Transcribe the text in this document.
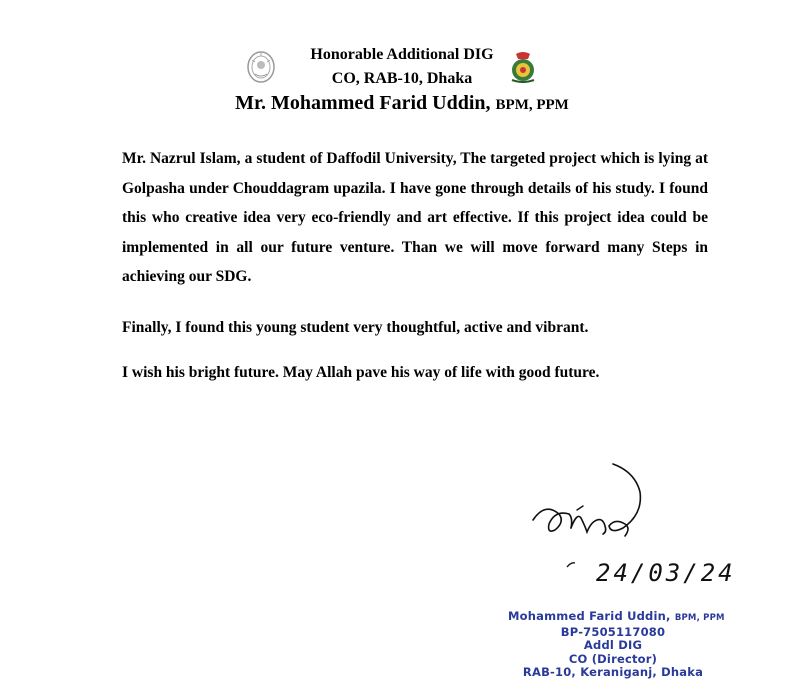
Honorable Additional DIG
CO, RAB-10, Dhaka
Mr. Mohammed Farid Uddin, BPM, PPM

Mr. Nazrul Islam, a student of Daffodil University, The targeted project which is lying at Golpasha under Chouddagram upazila. I have gone through details of his study. I found this who creative idea very eco-friendly and art effective. If this project idea could be implemented in all our future venture. Than we will move forward many Steps in achieving our SDG.

Finally, I found this young student very thoughtful, active and vibrant.

I wish his bright future. May Allah pave his way of life with good future.

24/03/24
Mohammed Farid Uddin, BPM, PPM
BP-7505117080
Addl DIG
CO (Director)
RAB-10, Keraniganj, Dhaka
